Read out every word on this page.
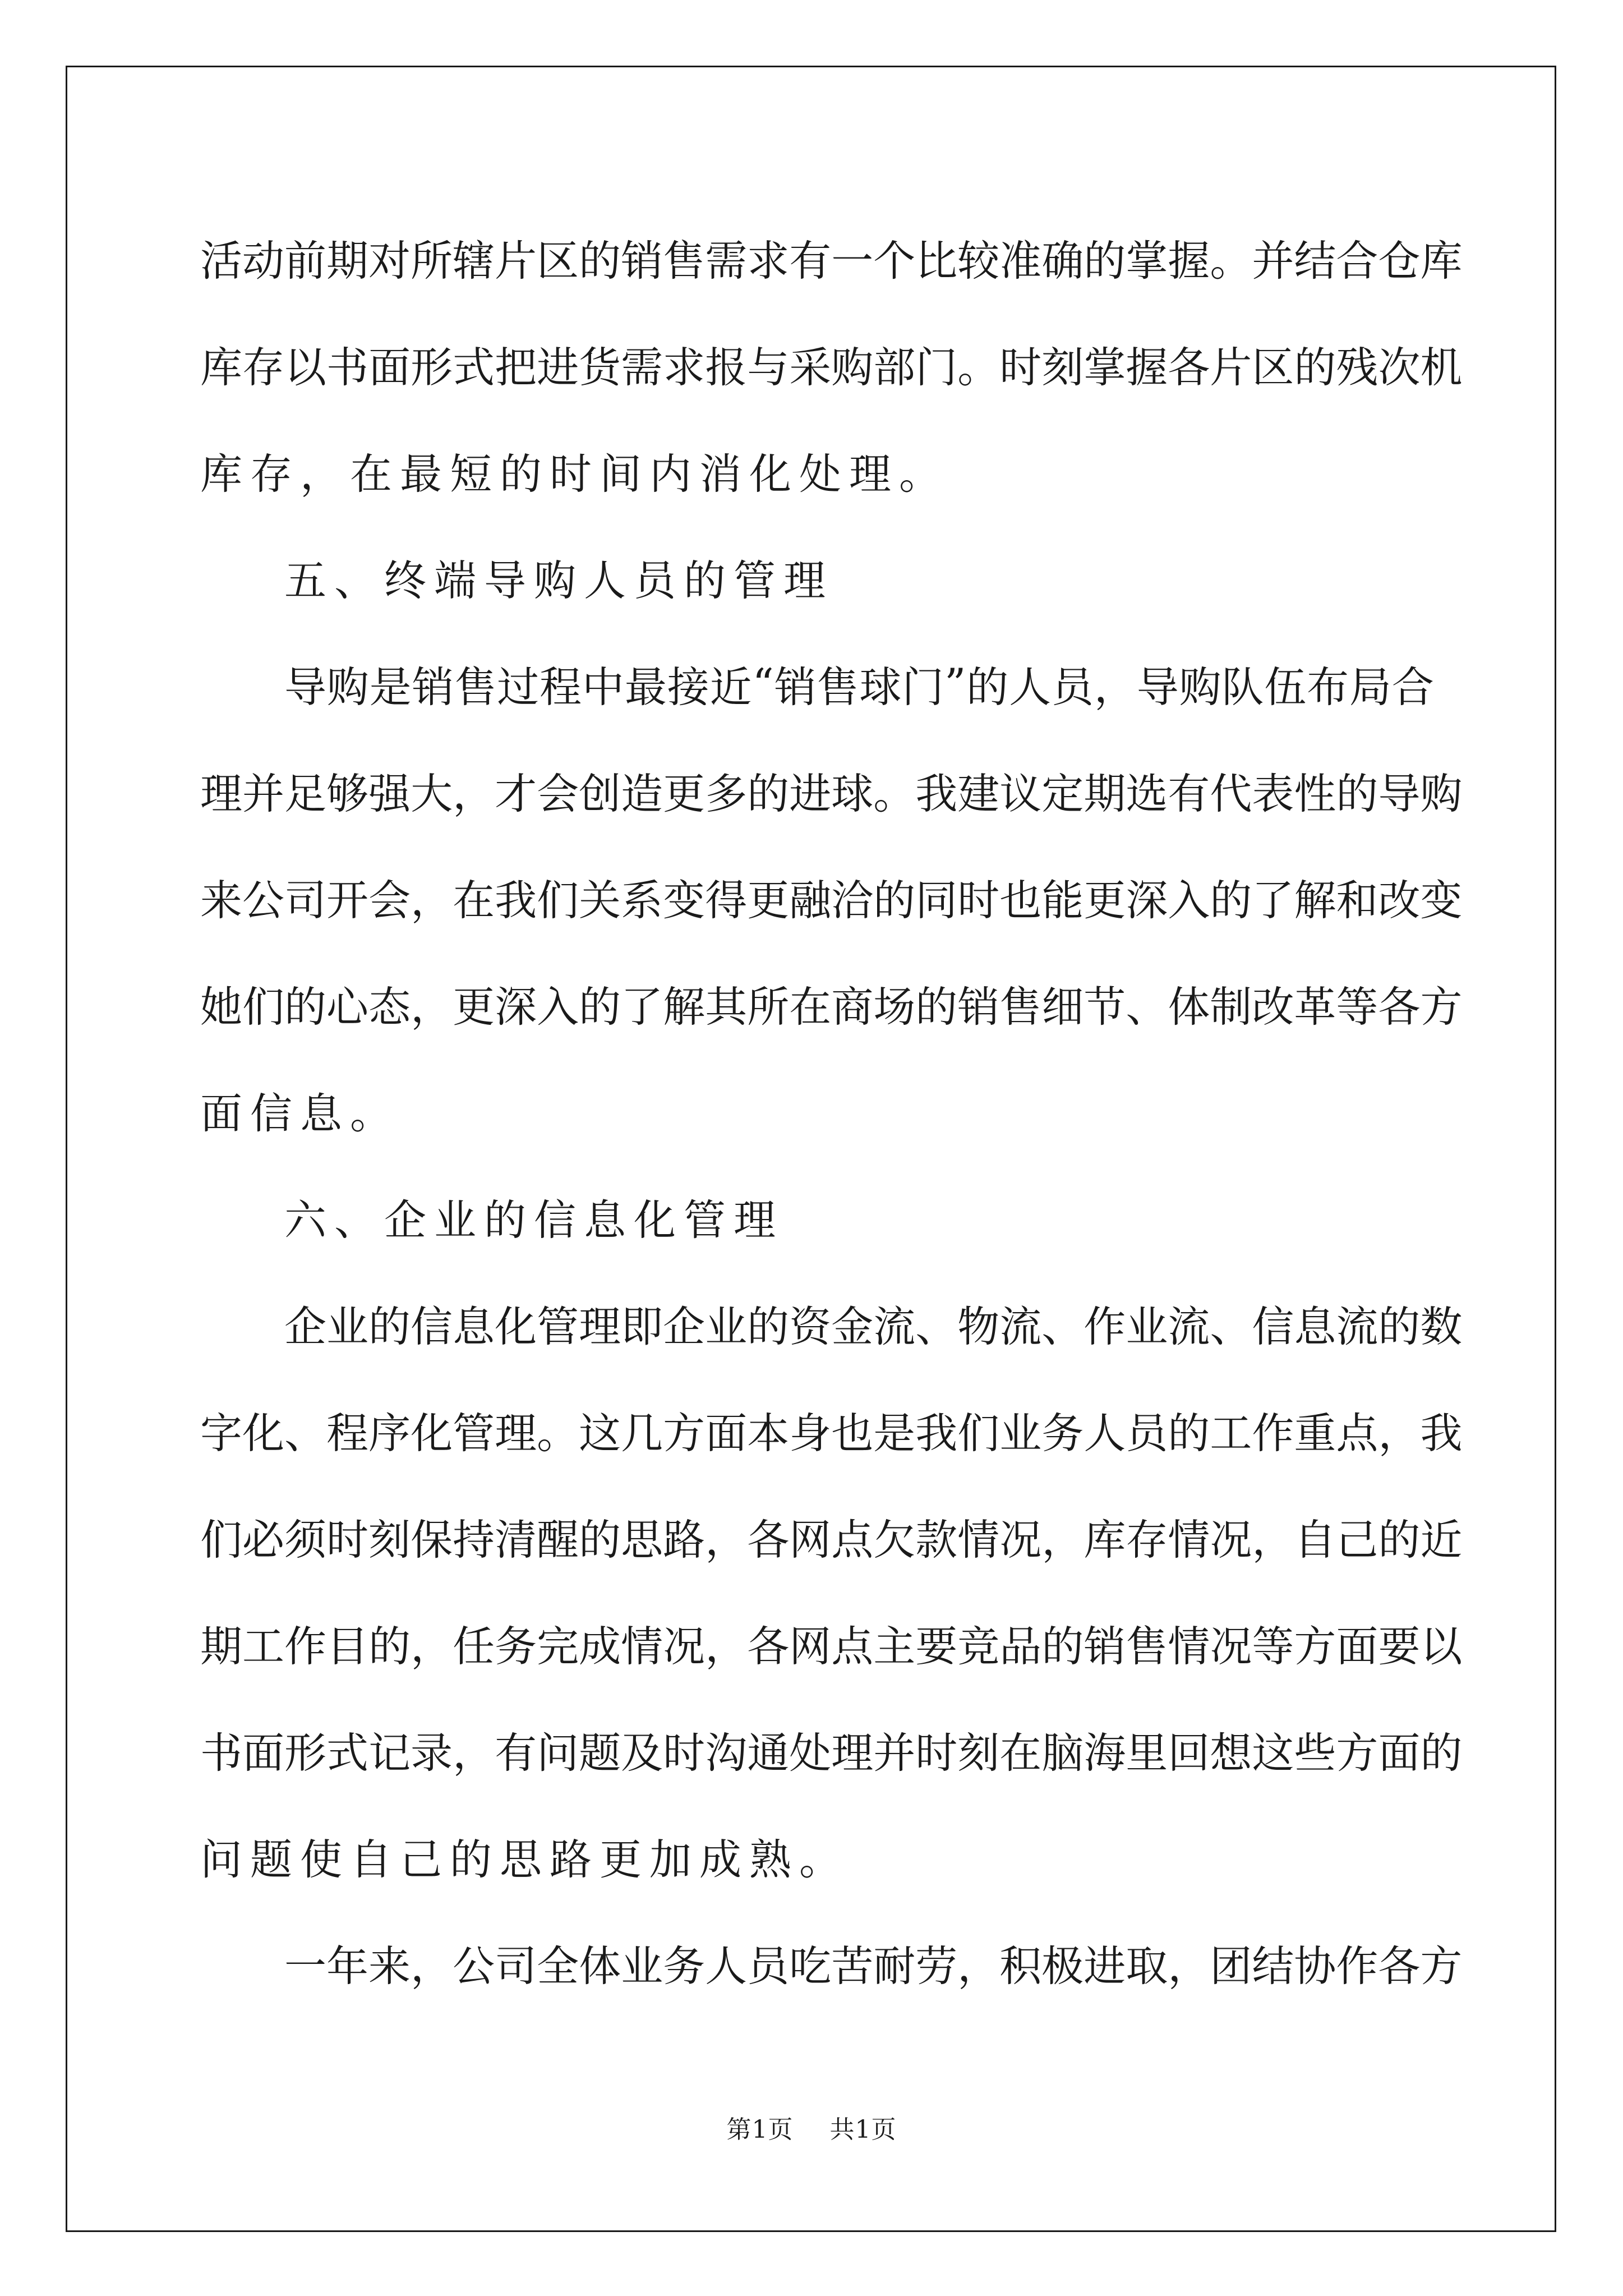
活 动 前 期 对 所 辖 片 区 的 销 售 需 求 有 一 个 比 较 准 确 的 掌 握 。 并 结 合 仓 库
库 存 以 书 面 形 式 把 进 货 需 求 报 与 采 购 部 门 。 时 刻 掌 握 各 片 区 的 残 次 机
库存，在最短的时间内消化处理。
五、终端导购人员的管理
导 购 是 销 售 过 程 中 最 接 近 “ 销 售 球 门 ” 的 人 员 ， 导 购 队 伍 布 局 合
理 并 足 够 强 大 ， 才 会 创 造 更 多 的 进 球 。 我 建 议 定 期 选 有 代 表 性 的 导 购
来 公 司 开 会 ， 在 我 们 关 系 变 得 更 融 洽 的 同 时 也 能 更 深 入 的 了 解 和 改 变
她 们 的 心 态 ， 更 深 入 的 了 解 其 所 在 商 场 的 销 售 细 节 、 体 制 改 革 等 各 方
面信息。
六、企业的信息化管理
企 业 的 信 息 化 管 理 即 企 业 的 资 金 流 、 物 流 、 作 业 流 、 信 息 流 的 数
字 化 、 程 序 化 管 理 。 这 几 方 面 本 身 也 是 我 们 业 务 人 员 的 工 作 重 点 ， 我
们 必 须 时 刻 保 持 清 醒 的 思 路 ， 各 网 点 欠 款 情 况 ， 库 存 情 况 ， 自 己 的 近
期 工 作 目 的 ， 任 务 完 成 情 况 ， 各 网 点 主 要 竞 品 的 销 售 情 况 等 方 面 要 以
书 面 形 式 记 录 ， 有 问 题 及 时 沟 通 处 理 并 时 刻 在 脑 海 里 回 想 这 些 方 面 的
问题使自己的思路更加成熟。
一 年 来 ， 公 司 全 体 业 务 人 员 吃 苦 耐 劳 ， 积 极 进 取 ， 团 结 协 作 各 方
第1页 共1页
